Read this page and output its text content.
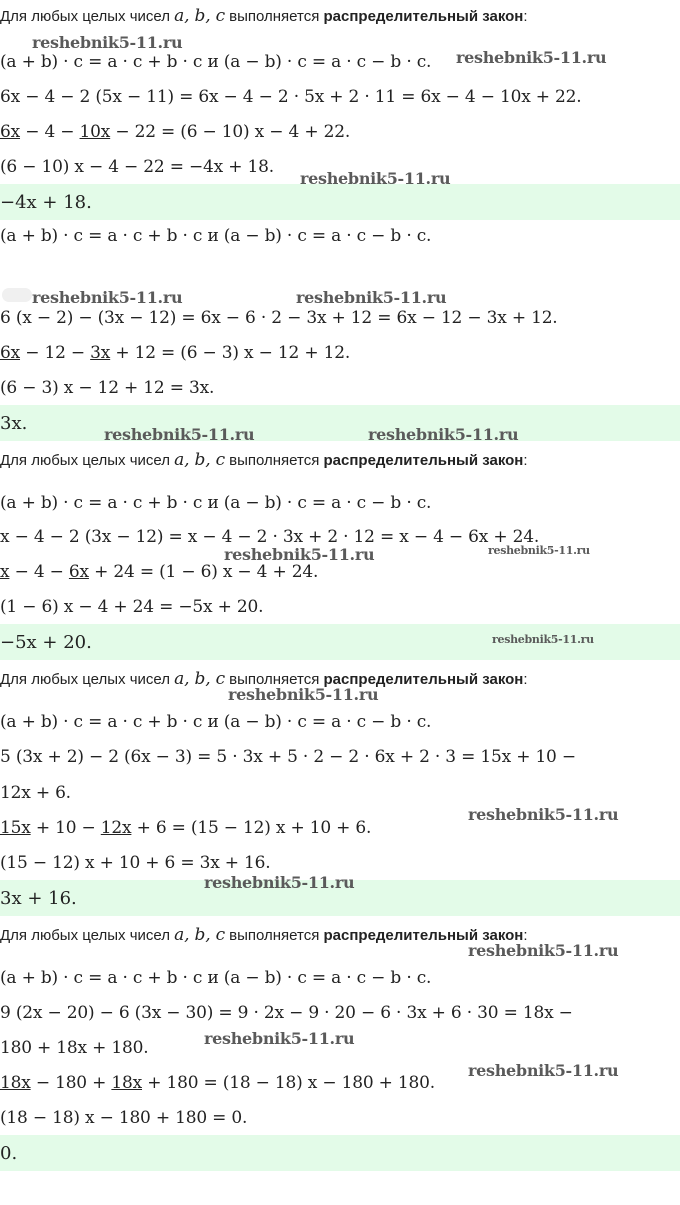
Для любых целых чисел a, b, c выполняется распределительный закон:
(a + b) · c = a · c + b · c и (a − b) · c = a · c − b · c.
6x − 4 − 2 (5x − 11) = 6x − 4 − 2 · 5x + 2 · 11 = 6x − 4 − 10x + 22.
6x − 4 − 10x − 22 = (6 − 10) x − 4 + 22.
(6 − 10) x − 4 − 22 = −4x + 18.
−4x + 18.
(a + b) · c = a · c + b · c и (a − b) · c = a · c − b · c.
6 (x − 2) − (3x − 12) = 6x − 6 · 2 − 3x + 12 = 6x − 12 − 3x + 12.
6x − 12 − 3x + 12 = (6 − 3) x − 12 + 12.
(6 − 3) x − 12 + 12 = 3x.
3x.
Для любых целых чисел a, b, c выполняется распределительный закон:
(a + b) · c = a · c + b · c и (a − b) · c = a · c − b · c.
x − 4 − 2 (3x − 12) = x − 4 − 2 · 3x + 2 · 12 = x − 4 − 6x + 24.
x − 4 − 6x + 24 = (1 − 6) x − 4 + 24.
(1 − 6) x − 4 + 24 = −5x + 20.
−5x + 20.
Для любых целых чисел a, b, c выполняется распределительный закон:
(a + b) · c = a · c + b · c и (a − b) · c = a · c − b · c.
5 (3x + 2) − 2 (6x − 3) = 5 · 3x + 5 · 2 − 2 · 6x + 2 · 3 = 15x + 10 −
12x + 6.
15x + 10 − 12x + 6 = (15 − 12) x + 10 + 6.
(15 − 12) x + 10 + 6 = 3x + 16.
3x + 16.
Для любых целых чисел a, b, c выполняется распределительный закон:
(a + b) · c = a · c + b · c и (a − b) · c = a · c − b · c.
9 (2x − 20) − 6 (3x − 30) = 9 · 2x − 9 · 20 − 6 · 3x + 6 · 30 = 18x −
180 + 18x + 180.
18x − 180 + 18x + 180 = (18 − 18) x − 180 + 180.
(18 − 18) x − 180 + 180 = 0.
0.
reshebnik5-11.ru
reshebnik5-11.ru
reshebnik5-11.ru
reshebnik5-11.ru	reshebnik5-11.ru
reshebnik5-11.ru	reshebnik5-11.ru
reshebnik5-11.ru	reshebnik5-11.ru
reshebnik5-11.ru
reshebnik5-11.ru
reshebnik5-11.ru
reshebnik5-11.ru
reshebnik5-11.ru
reshebnik5-11.ru
reshebnik5-11.ru
